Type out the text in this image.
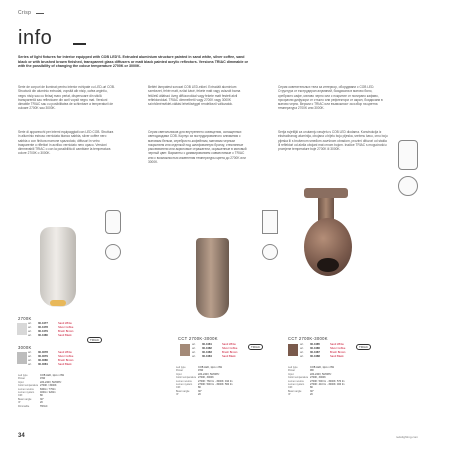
Crisp
info
Series of light fixtures for interior equipped with COB LED'S. Extruded aluminium structure painted in sand white, silver coffee, sand black or with brushed brown finished, transparent glass diffusers or matt black painted acrylic reflectors. Versions TRIAC dimmable or with the possibility of changing the colour temperature 2700K or 3000K.
Serie de corpuri de iluminat pentru interior echipate cu LED-uri COB. Structură din aluminiu extrudat, vopsită alb nisip, cafea argintiu, negru nisip sau cu finisaj maro periat, dispersoare din sticlă transparentă sau reflectoare din acril vopsit negru mat. Versiuni dimabile TRIAC sau cu posibilitatea de schimbare a temperaturii de culoare 2700K sau 3000K.
Beltéri lámpatest sorozat COB LED-ekkel. Extrudált alumínium szerkezet, fehér matt, ezüst kávé, fekete matt vagy csiszolt barna felületű átlátszó üveg diffúzorokkal vagy fekete matt festett akril reflektorokkal. TRIAC dimmelhető vagy 2700K vagy 3000K színhőmérséklet-váltási lehetőséggel rendelkező változatok.
Серия осветительных тела за интериор, оборудвани с COB LED. Структура от екструдиран алуминий, боядисана в матово бяло, сребристо кафе, матово черно или с покритие от полирано кафяво, прозрачни дифузори от стъкло или рефлектори от акрил, боядисани в матово черно. Версии с TRIAC или възможност за избор на цветна температура 2700K или 3000K.
Serie di apparecchi per interni equipaggiati con LED COB. Struttura in alluminio estruso verniciata bianco sabbia, silver coffee nero sabbia o con finitura marrone spazzolato, diffusori in vetro trasparente o riflettori in acrilico verniciato nero opaco. Versioni dimmerabili TRIAC o con la possibilità di cambiare la temperatura colore 2700K o 3000K.
Серия светильников для внутреннего освещения, оснащенных светодиодами COB. Корпус из экструдированного алюминия с матовым белым, серебристо-кофейным, матовым черным покрытием или отделкой под шлифованную бронзу, стеклянные рассеиватели или акриловые отражатели, окрашенные в матовый черный цвет. Варианты с диммированием совместимые с TRIAC или с возможностью изменения температуры цвета до 2700K или 3000K.
Serija svjetiljki za unutarnju rasvjetu s COB LED diodama. Konstrukcija iz ekstrudiranog aluminija, obojana u bijelu boju pijeska, srebrnu kavu, crnu boju pijeska ili s brušenom smeđom završnom obradom, prozirni difuzori od stakla ili reflektori od akrila obojani mat crnom bojom. Inačice TRIAC s mogućnošću promjene temperature boje 2700K ili 3000K.
2700K
3000K
CCT 2700K-3000K	CCT 2700K-3000K
art.	30-4477	Sand White
art.	30-4478	Silver Coffee
art.	30-4479	Brush Brown
art.	30-4480	Sand Black
art.	30-4678	Sand White
art.	30-4679	Silver Coffee
art.	30-4680	Brush Brown
art.	30-4681	Sand Black
art.	30-4481	Sand White
art.	30-4482	Silver Coffee
art.	30-4483	Brush Brown
art.	30-4484	Sand Black
art.	30-4485	Sand White
art.	30-4486	Silver Coffee
art.	30-4487	Brush Brown
art.	30-4488	Sand Black
TRIAC
TRIAC	TRIAC
Led type	COB LED, 1pcs x 9W
Power	15W
Input	220-240V, 50/60Hz
Color temperature 2700K / 3000K
Lumen source	840lm / 770lm
Lumen system	400lm / 420lm
CRI	80
Beam angle	30°
IP	20
Dimmable	TRIAC
Led type	COB LED, 1pcs x 9W
Power	15W
Input	220-240V, 50/60Hz
Color temperature 2700K, 3000K
Lumen source	2700K: 760 lm - 3000K: 910 lm
Lumen system	2700K: 500 lm - 3000K: 560 lm
CRI	80
Beam angle	30°
IP	20
Led type	COB LED, 1pcs x 9W
Power	9W
Input	220-240V, 50/60Hz
Color temperature 2700K, 3000K
Lumen source	2700K: 500 lm - 3000K: 570 lm
Lumen system	2700K: 410 lm - 3000K: 460 lm
CRI	80
Beam angle	30°
IP	20
34	redolighting.com
